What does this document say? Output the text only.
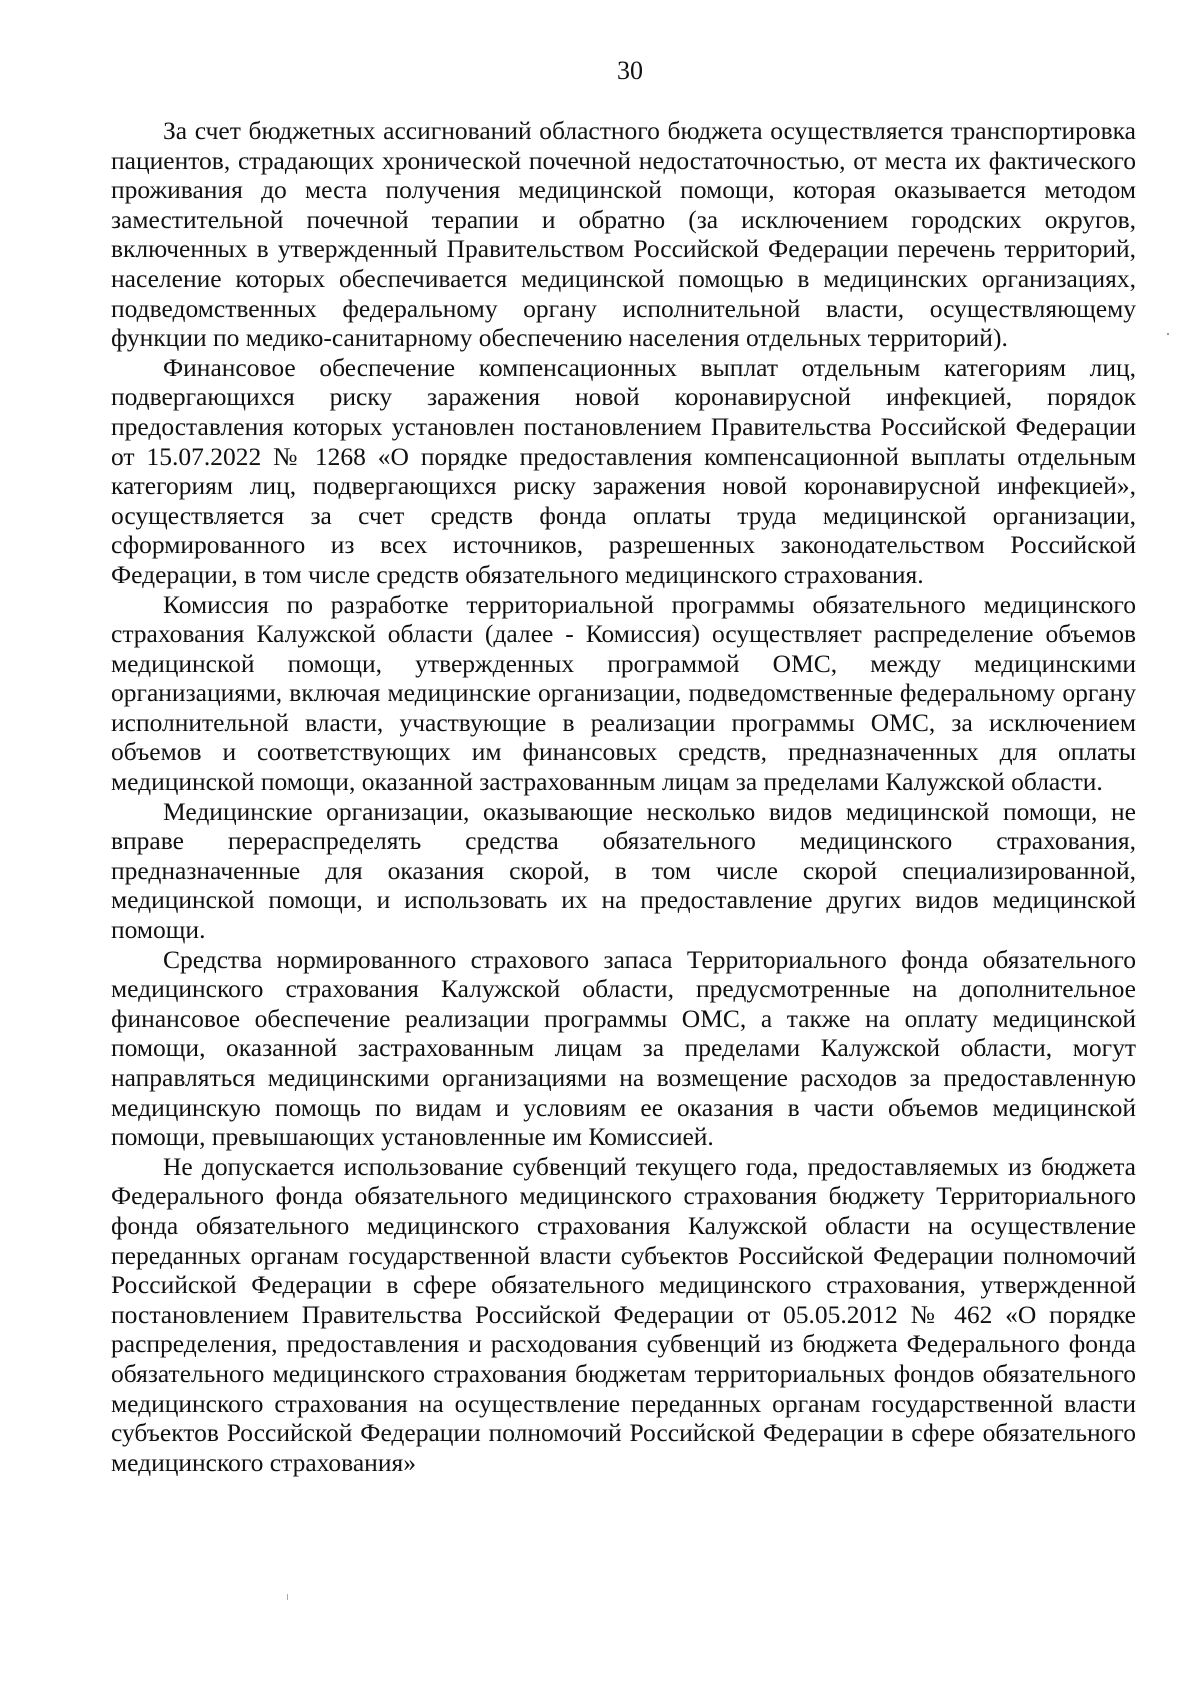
30

За счет бюджетных ассигнований областного бюджета осуществляется транспортировка пациентов, страдающих хронической почечной недостаточностью, от места их фактического проживания до места получения медицинской помощи, которая оказывается методом заместительной почечной терапии и обратно (за исключением городских округов, включенных в утвержденный Правительством Российской Федерации перечень территорий, население которых обеспечивается медицинской помощью в медицинских организациях, подведомственных федеральному органу исполнительной власти, осуществляющему функции по медико-санитарному обеспечению населения отдельных территорий).

Финансовое обеспечение компенсационных выплат отдельным категориям лиц, подвергающихся риску заражения новой коронавирусной инфекцией, порядок предоставления которых установлен постановлением Правительства Российской Федерации от 15.07.2022 № 1268 «О порядке предоставления компенсационной выплаты отдельным категориям лиц, подвергающихся риску заражения новой коронавирусной инфекцией», осуществляется за счет средств фонда оплаты труда медицинской организации, сформированного из всех источников, разрешенных законодательством Российской Федерации, в том числе средств обязательного медицинского страхования.

Комиссия по разработке территориальной программы обязательного медицинского страхования Калужской области (далее - Комиссия) осуществляет распределение объемов медицинской помощи, утвержденных программой ОМС, между медицинскими организациями, включая медицинские организации, подведомственные федеральному органу исполнительной власти, участвующие в реализации программы ОМС, за исключением объемов и соответствующих им финансовых средств, предназначенных для оплаты медицинской помощи, оказанной застрахованным лицам за пределами Калужской области.

Медицинские организации, оказывающие несколько видов медицинской помощи, не вправе перераспределять средства обязательного медицинского страхования, предназначенные для оказания скорой, в том числе скорой специализированной, медицинской помощи, и использовать их на предоставление других видов медицинской помощи.

Средства нормированного страхового запаса Территориального фонда обязательного медицинского страхования Калужской области, предусмотренные на дополнительное финансовое обеспечение реализации программы ОМС, а также на оплату медицинской помощи, оказанной застрахованным лицам за пределами Калужской области, могут направляться медицинскими организациями на возмещение расходов за предоставленную медицинскую помощь по видам и условиям ее оказания в части объемов медицинской помощи, превышающих установленные им Комиссией.

Не допускается использование субвенций текущего года, предоставляемых из бюджета Федерального фонда обязательного медицинского страхования бюджету Территориального фонда обязательного медицинского страхования Калужской области на осуществление переданных органам государственной власти субъектов Российской Федерации полномочий Российской Федерации в сфере обязательного медицинского страхования, утвержденной постановлением Правительства Российской Федерации от 05.05.2012 № 462 «О порядке распределения, предоставления и расходования субвенций из бюджета Федерального фонда обязательного медицинского страхования бюджетам территориальных фондов обязательного медицинского страхования на осуществление переданных органам государственной власти субъектов Российской Федерации полномочий Российской Федерации в сфере обязательного медицинского страхования»
